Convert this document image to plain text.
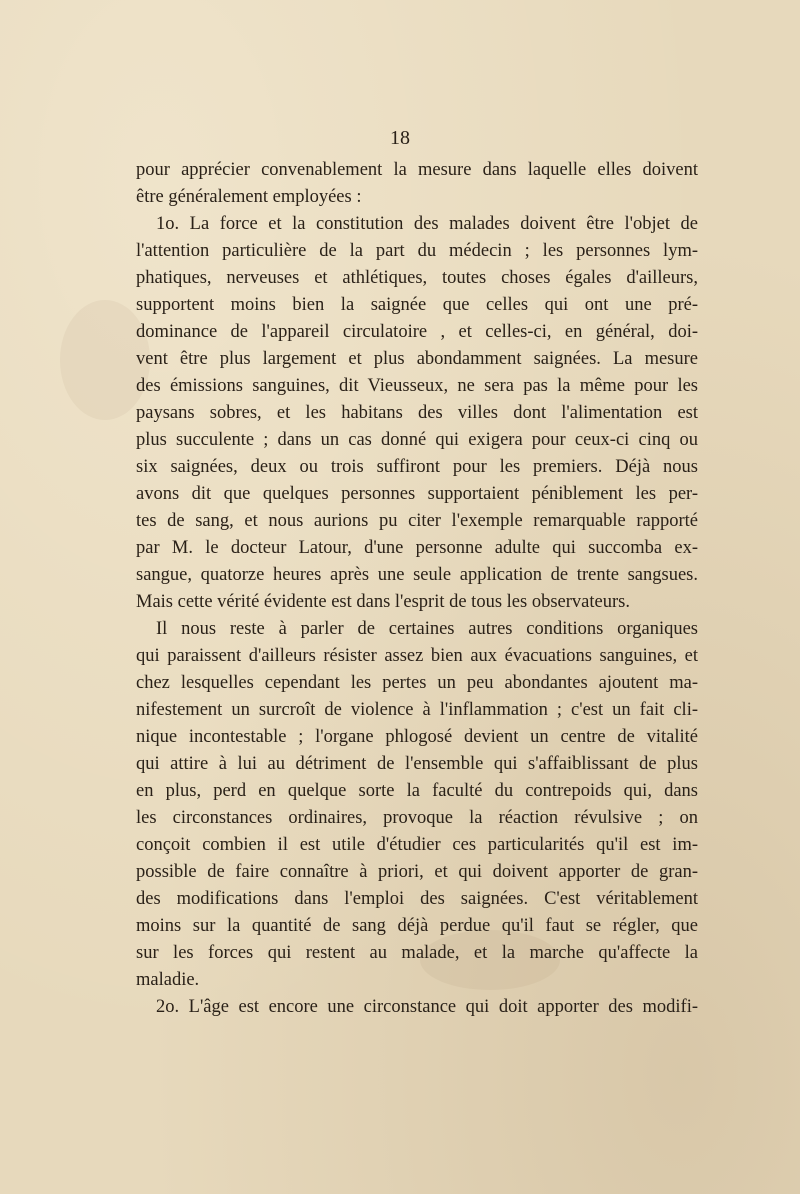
18
pour apprécier convenablement la mesure dans laquelle elles doivent
être généralement employées :
1o. La force et la constitution des malades doivent être l'objet de
l'attention particulière de la part du médecin ; les personnes lym-
phatiques, nerveuses et athlétiques, toutes choses égales d'ailleurs,
supportent moins bien la saignée que celles qui ont une pré-
dominance de l'appareil circulatoire , et celles-ci, en général, doi-
vent être plus largement et plus abondamment saignées. La mesure
des émissions sanguines, dit Vieusseux, ne sera pas la même pour les
paysans sobres, et les habitans des villes dont l'alimentation est
plus succulente ; dans un cas donné qui exigera pour ceux-ci cinq ou
six saignées, deux ou trois suffiront pour les premiers. Déjà nous
avons dit que quelques personnes supportaient péniblement les per-
tes de sang, et nous aurions pu citer l'exemple remarquable rapporté
par M. le docteur Latour, d'une personne adulte qui succomba ex-
sangue, quatorze heures après une seule application de trente sangsues.
Mais cette vérité évidente est dans l'esprit de tous les observateurs.
Il nous reste à parler de certaines autres conditions organiques
qui paraissent d'ailleurs résister assez bien aux évacuations sanguines, et
chez lesquelles cependant les pertes un peu abondantes ajoutent ma-
nifestement un surcroît de violence à l'inflammation ; c'est un fait cli-
nique incontestable ; l'organe phlogosé devient un centre de vitalité
qui attire à lui au détriment de l'ensemble qui s'affaiblissant de plus
en plus, perd en quelque sorte la faculté du contrepoids qui, dans
les circonstances ordinaires, provoque la réaction révulsive ; on
conçoit combien il est utile d'étudier ces particularités qu'il est im-
possible de faire connaître à priori, et qui doivent apporter de gran-
des modifications dans l'emploi des saignées. C'est véritablement
moins sur la quantité de sang déjà perdue qu'il faut se régler, que
sur les forces qui restent au malade, et la marche qu'affecte la
maladie.
2o. L'âge est encore une circonstance qui doit apporter des modifi-
